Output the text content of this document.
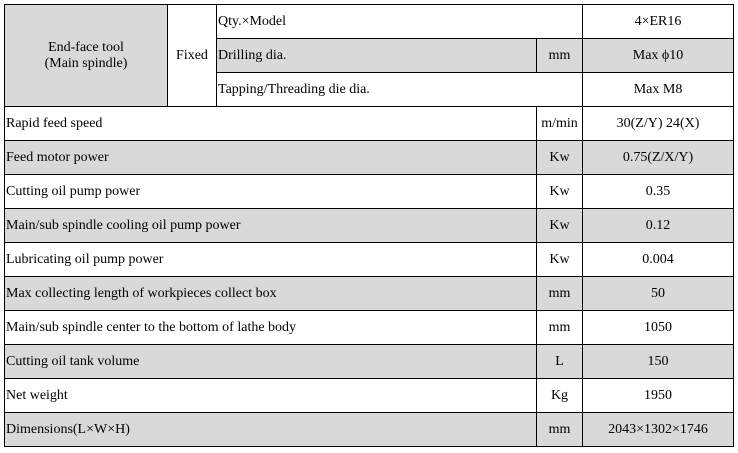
End-face tool
(Main spindle)	Fixed	Qty.×Model		4×ER16
		Drilling dia.	mm	Max ϕ10
		Tapping/Threading die dia.		Max M8
Rapid feed speed			m/min	30(Z/Y) 24(X)
Feed motor power			Kw	0.75(Z/X/Y)
Cutting oil pump power			Kw	0.35
Main/sub spindle cooling oil pump power			Kw	0.12
Lubricating oil pump power			Kw	0.004
Max collecting length of workpieces collect box			mm	50
Main/sub spindle center to the bottom of lathe body			mm	1050
Cutting oil tank volume			L	150
Net weight			Kg	1950
Dimensions(L×W×H)			mm	2043×1302×1746
